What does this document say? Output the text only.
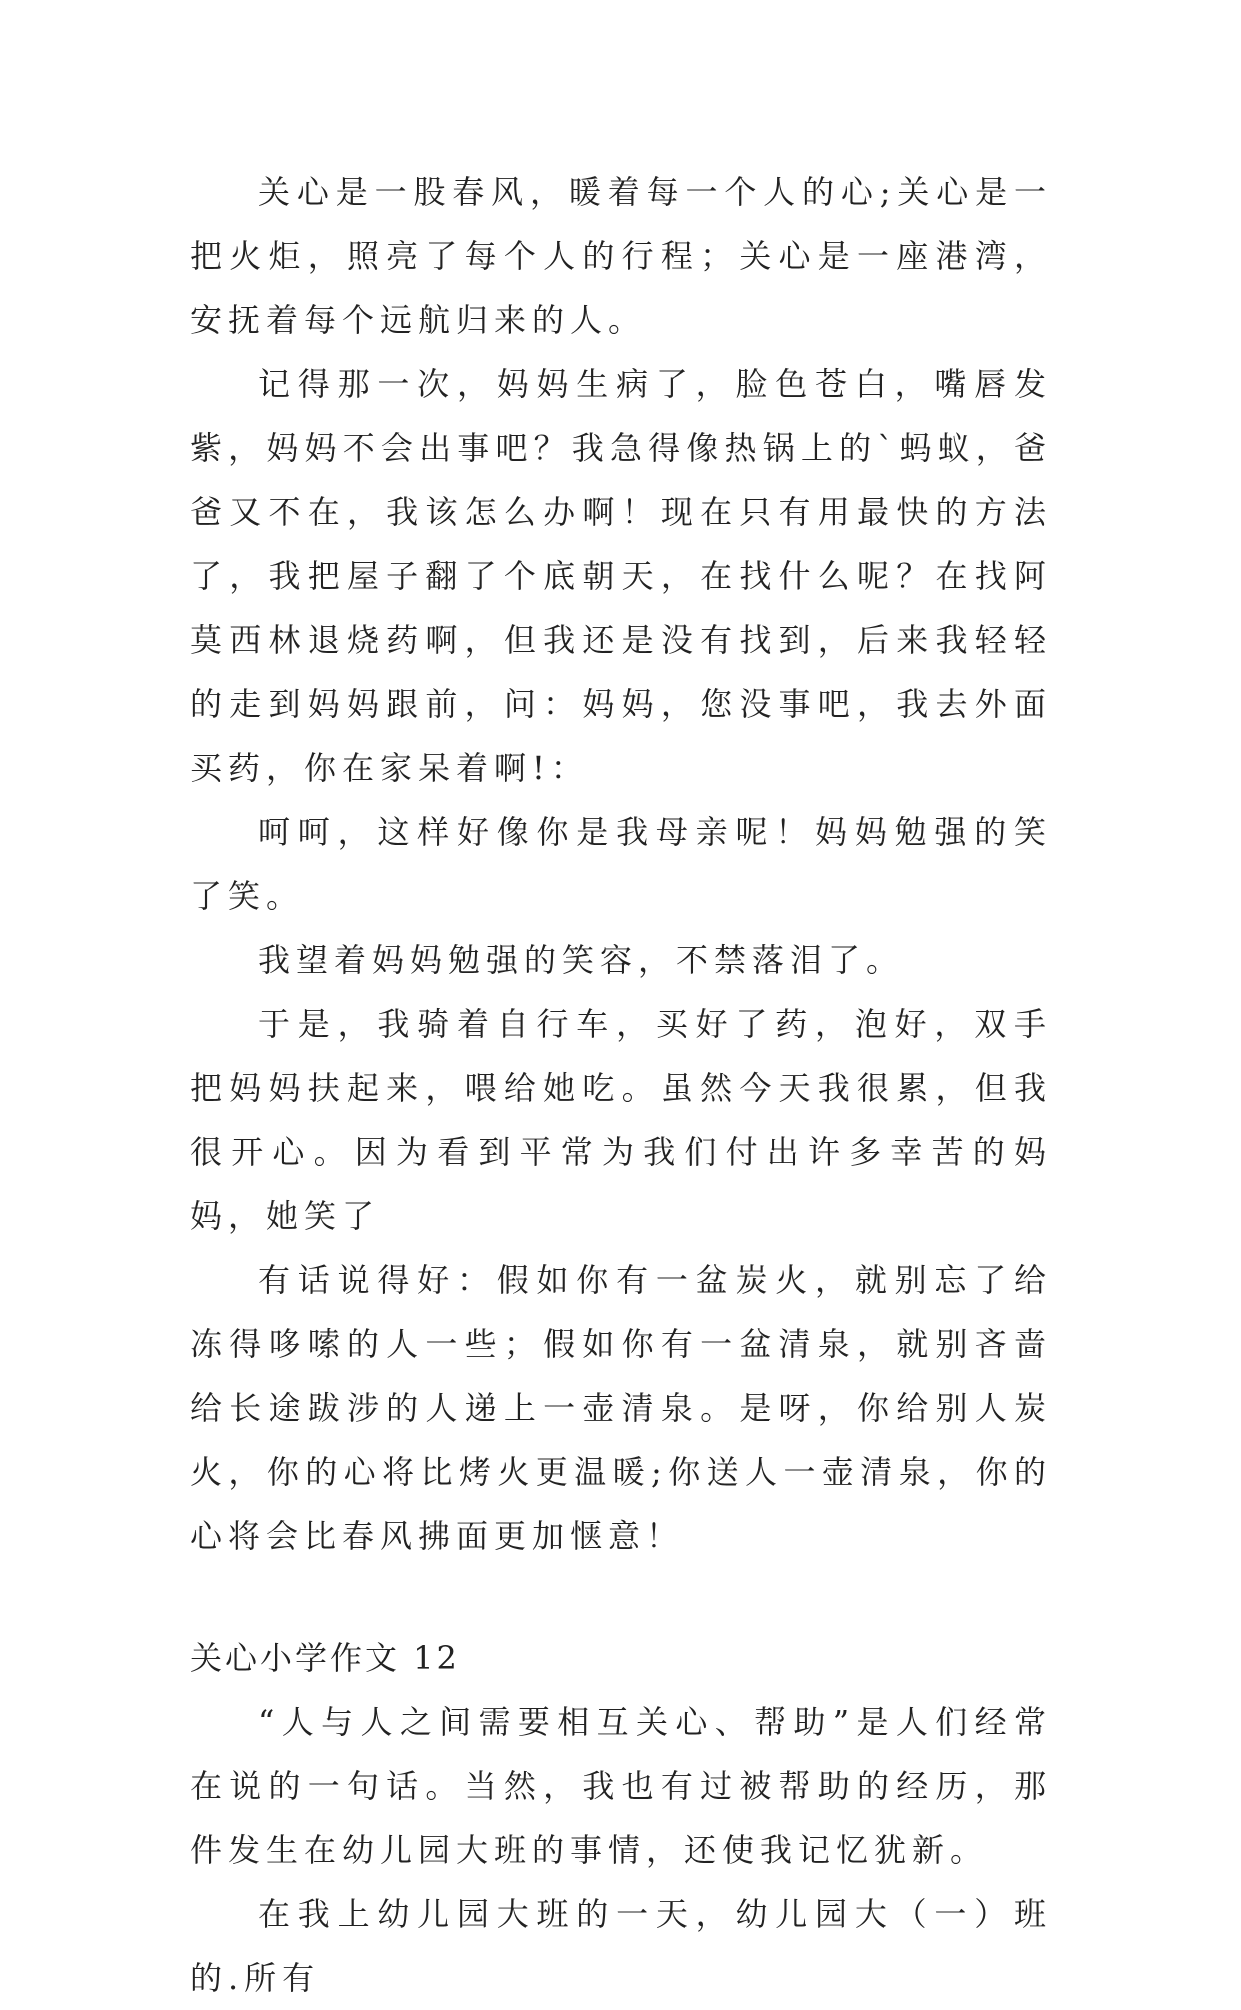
关心是一股春风，暖着每一个人的心;关心是一把火炬，照亮了每个人的行程；关心是一座港湾，安抚着每个远航归来的人。

记得那一次，妈妈生病了，脸色苍白，嘴唇发紫，妈妈不会出事吧？我急得像热锅上的`蚂蚁，爸爸又不在，我该怎么办啊！现在只有用最快的方法了，我把屋子翻了个底朝天，在找什么呢？在找阿莫西林退烧药啊，但我还是没有找到，后来我轻轻的走到妈妈跟前，问：妈妈，您没事吧，我去外面买药，你在家呆着啊!：

呵呵，这样好像你是我母亲呢！妈妈勉强的笑了笑。

我望着妈妈勉强的笑容，不禁落泪了。

于是，我骑着自行车，买好了药，泡好，双手把妈妈扶起来，喂给她吃。虽然今天我很累，但我很开心。因为看到平常为我们付出许多幸苦的妈妈，她笑了

有话说得好：假如你有一盆炭火，就别忘了给冻得哆嗦的人一些；假如你有一盆清泉，就别吝啬给长途跋涉的人递上一壶清泉。是呀，你给别人炭火，你的心将比烤火更温暖;你送人一壶清泉，你的心将会比春风拂面更加惬意！

关心小学作文 12

“人与人之间需要相互关心、帮助”是人们经常在说的一句话。当然，我也有过被帮助的经历，那件发生在幼儿园大班的事情，还使我记忆犹新。

在我上幼儿园大班的一天，幼儿园大（一）班的.所有
